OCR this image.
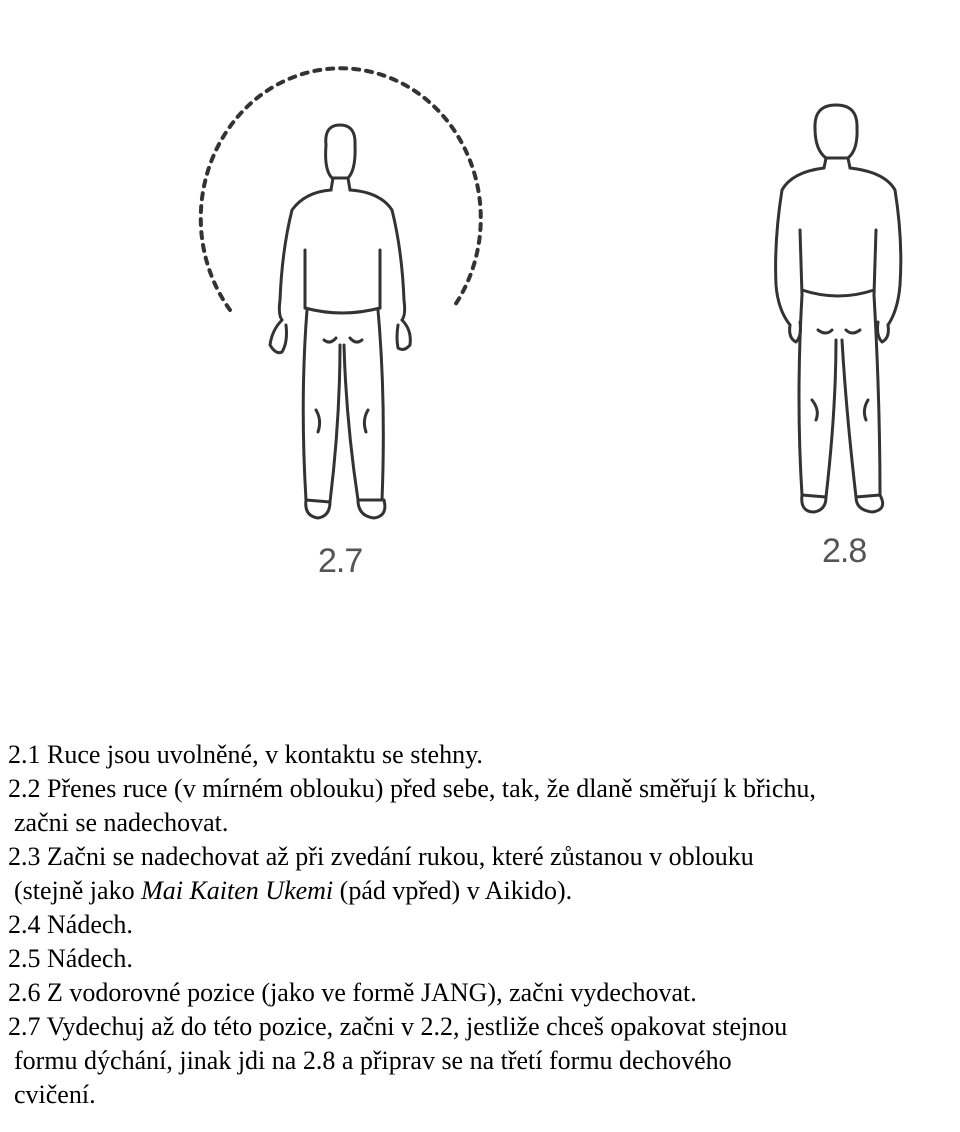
2.7	2.8

2.1 Ruce jsou uvolněné, v kontaktu se stehny.

2.2 Přenes ruce (v mírném oblouku) před sebe, tak, že dlaně směřují k břichu,
začni se nadechovat.

2.3 Začni se nadechovat až při zvedání rukou, které zůstanou v oblouku
(stejně jako Mai Kaiten Ukemi (pád vpřed) v Aikido).

2.4 Nádech.

2.5 Nádech.

2.6 Z vodorovné pozice (jako ve formě JANG), začni vydechovat.

2.7 Vydechuj až do této pozice, začni v 2.2, jestliže chceš opakovat stejnou
formu dýchání, jinak jdi na 2.8 a připrav se na třetí formu dechového
cvičení.
